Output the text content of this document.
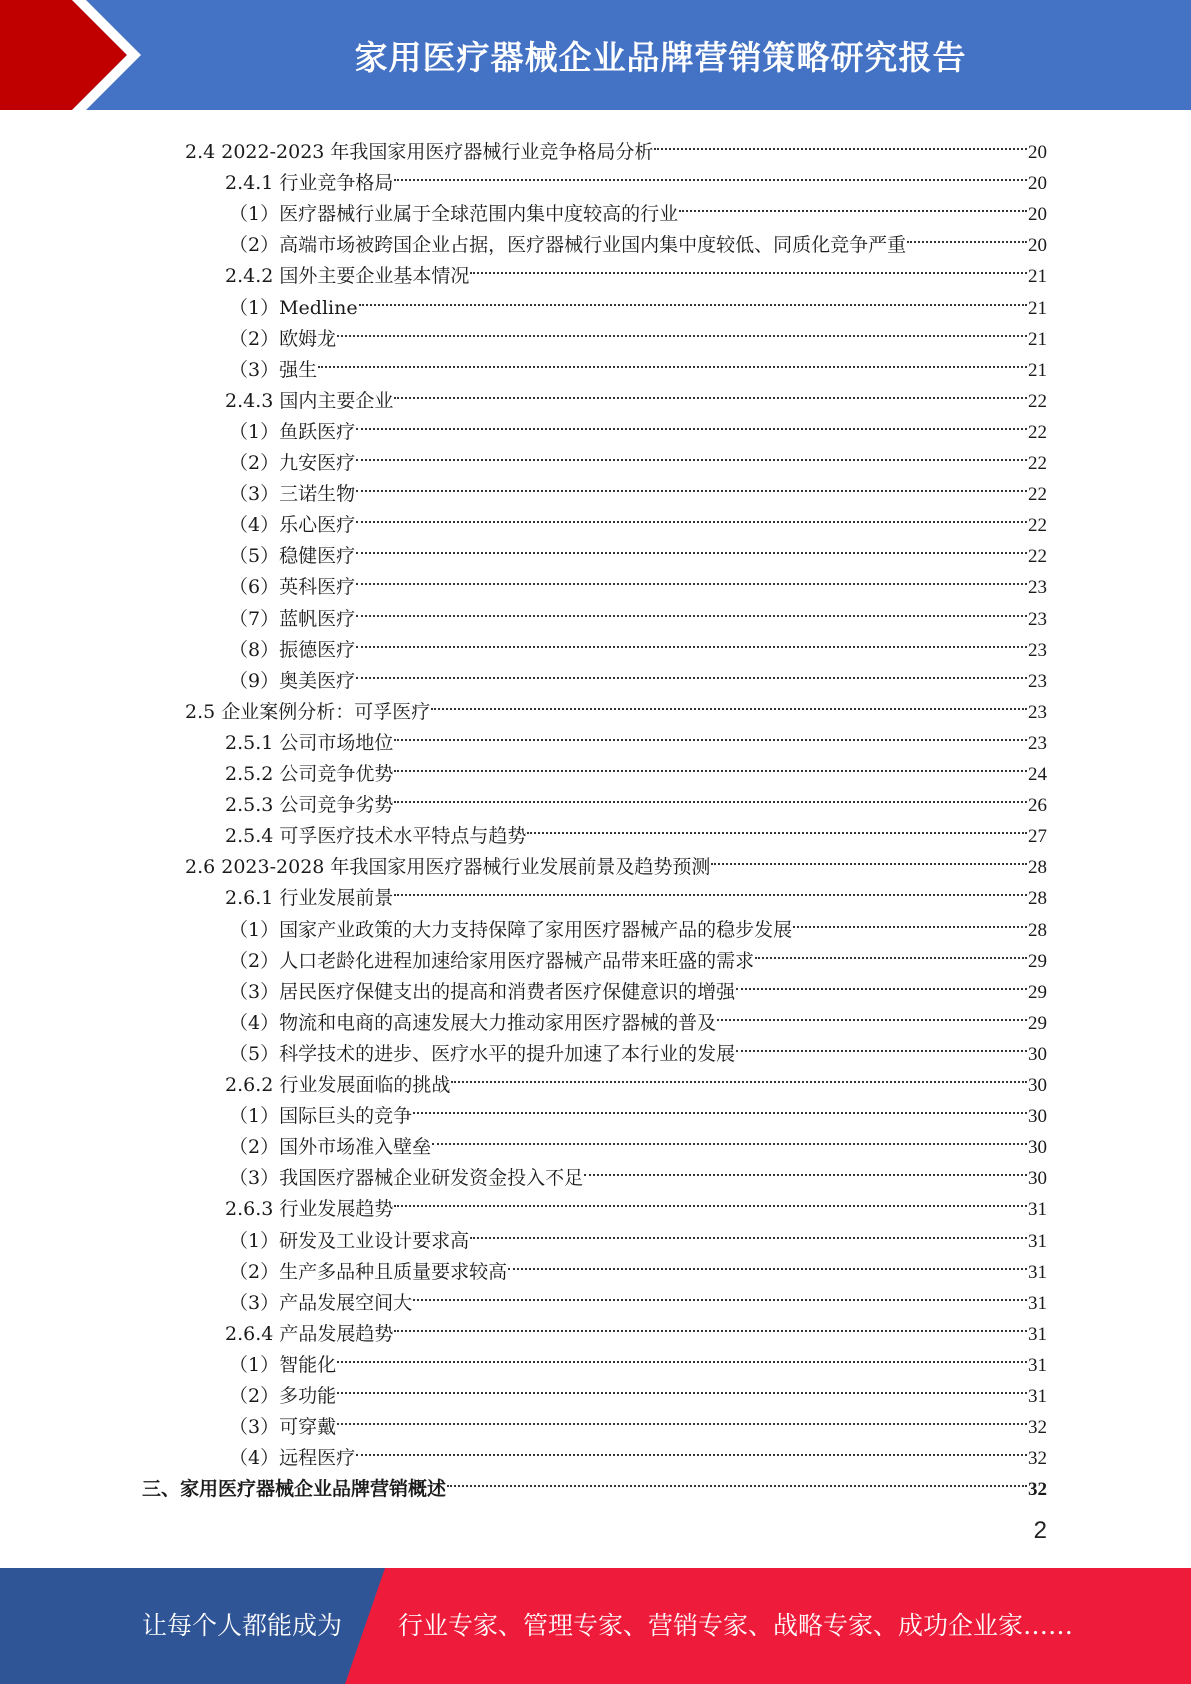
家用医疗器械企业品牌营销策略研究报告
2.4 2022-2023 年我国家用医疗器械行业竞争格局分析	20
2.4.1 行业竞争格局	20
（1）医疗器械行业属于全球范围内集中度较高的行业	20
（2）高端市场被跨国企业占据，医疗器械行业国内集中度较低、同质化竞争严重	20
2.4.2 国外主要企业基本情况	21
（1）Medline	21
（2）欧姆龙	21
（3）强生	21
2.4.3 国内主要企业	22
（1）鱼跃医疗	22
（2）九安医疗	22
（3）三诺生物	22
（4）乐心医疗	22
（5）稳健医疗	22
（6）英科医疗	23
（7）蓝帆医疗	23
（8）振德医疗	23
（9）奥美医疗	23
2.5 企业案例分析：可孚医疗	23
2.5.1 公司市场地位	23
2.5.2 公司竞争优势	24
2.5.3 公司竞争劣势	26
2.5.4 可孚医疗技术水平特点与趋势	27
2.6 2023-2028 年我国家用医疗器械行业发展前景及趋势预测	28
2.6.1 行业发展前景	28
（1）国家产业政策的大力支持保障了家用医疗器械产品的稳步发展	28
（2）人口老龄化进程加速给家用医疗器械产品带来旺盛的需求	29
（3）居民医疗保健支出的提高和消费者医疗保健意识的增强	29
（4）物流和电商的高速发展大力推动家用医疗器械的普及	29
（5）科学技术的进步、医疗水平的提升加速了本行业的发展	30
2.6.2 行业发展面临的挑战	30
（1）国际巨头的竞争	30
（2）国外市场准入壁垒	30
（3）我国医疗器械企业研发资金投入不足	30
2.6.3 行业发展趋势	31
（1）研发及工业设计要求高	31
（2）生产多品种且质量要求较高	31
（3）产品发展空间大	31
2.6.4 产品发展趋势	31
（1）智能化	31
（2）多功能	31
（3）可穿戴	32
（4）远程医疗	32
三、家用医疗器械企业品牌营销概述	32
2
让每个人都能成为 行业专家、管理专家、营销专家、战略专家、成功企业家……
